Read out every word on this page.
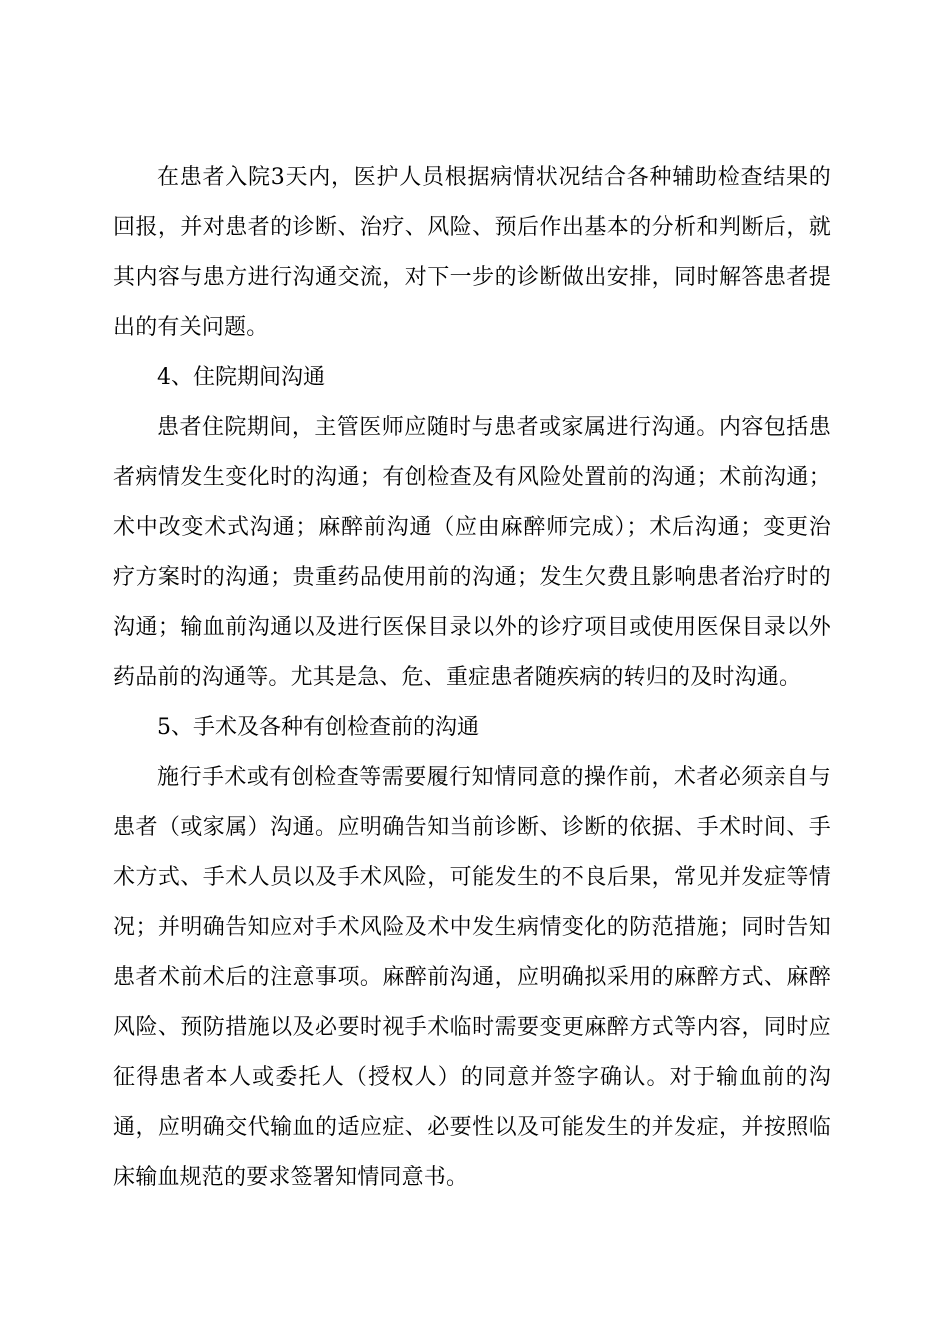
在患者入院3天内，医护人员根据病情状况结合各种辅助检查结果的回报，并对患者的诊断、治疗、风险、预后作出基本的分析和判断后，就其内容与患方进行沟通交流，对下一步的诊断做出安排，同时解答患者提出的有关问题。

4、住院期间沟通

患者住院期间，主管医师应随时与患者或家属进行沟通。内容包括患者病情发生变化时的沟通；有创检查及有风险处置前的沟通；术前沟通；术中改变术式沟通；麻醉前沟通（应由麻醉师完成）；术后沟通；变更治疗方案时的沟通；贵重药品使用前的沟通；发生欠费且影响患者治疗时的沟通；输血前沟通以及进行医保目录以外的诊疗项目或使用医保目录以外药品前的沟通等。尤其是急、危、重症患者随疾病的转归的及时沟通。

5、手术及各种有创检查前的沟通

施行手术或有创检查等需要履行知情同意的操作前，术者必须亲自与患者（或家属）沟通。应明确告知当前诊断、诊断的依据、手术时间、手术方式、手术人员以及手术风险，可能发生的不良后果，常见并发症等情况；并明确告知应对手术风险及术中发生病情变化的防范措施；同时告知患者术前术后的注意事项。麻醉前沟通，应明确拟采用的麻醉方式、麻醉风险、预防措施以及必要时视手术临时需要变更麻醉方式等内容，同时应征得患者本人或委托人（授权人）的同意并签字确认。对于输血前的沟通，应明确交代输血的适应症、必要性以及可能发生的并发症，并按照临床输血规范的要求签署知情同意书。
